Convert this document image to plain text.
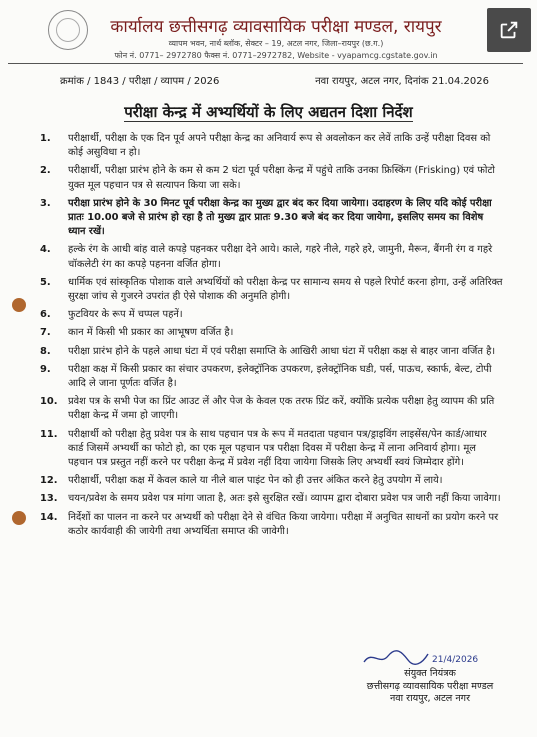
कार्यालय छत्तीसगढ़ व्यावसायिक परीक्षा मण्डल, रायपुर
व्यापम भवन, नार्थ ब्लॉक, सेक्टर – 19, अटल नगर, जिला–रायपुर (छ.ग.)
फोन नं. 0771– 2972780 फैक्स नं. 0771–2972782, Website - vyapamcg.cgstate.gov.in
क्रमांक / 1843 / परीक्षा / व्यापम / 2026	नवा रायपुर, अटल नगर, दिनांक 21.04.2026
परीक्षा केन्द्र में अभ्यर्थियों के लिए अद्यतन दिशा निर्देश
1.	परीक्षार्थी, परीक्षा के एक दिन पूर्व अपने परीक्षा केन्द्र का अनिवार्य रूप से अवलोकन कर लेवें ताकि उन्हें परीक्षा दिवस को कोई असुविधा न हो।
2.	परीक्षार्थी, परीक्षा प्रारंभ होने के कम से कम 2 घंटा पूर्व परीक्षा केन्द्र में पहुंचे ताकि उनका फ्रिस्किंग (Frisking) एवं फोटो युक्त मूल पहचान पत्र से सत्यापन किया जा सके।
3.	परीक्षा प्रारंभ होने के 30 मिनट पूर्व परीक्षा केन्द्र का मुख्य द्वार बंद कर दिया जायेगा। उदाहरण के लिए यदि कोई परीक्षा प्रातः 10.00 बजे से प्रारंभ हो रहा है तो मुख्य द्वार प्रातः 9.30 बजे बंद कर दिया जायेगा, इसलिए समय का विशेष ध्यान रखें।
4.	हल्के रंग के आधी बांह वाले कपड़े पहनकर परीक्षा देने आये। काले, गहरे नीले, गहरे हरे, जामुनी, मैरून, बैंगनी रंग व गहरे चॉकलेटी रंग का कपड़े पहनना वर्जित होगा।
5.	धार्मिक एवं सांस्कृतिक पोशाक वाले अभ्यर्थियों को परीक्षा केन्द्र पर सामान्य समय से पहले रिपोर्ट करना होगा, उन्हें अतिरिक्त सुरक्षा जांच से गुजरने उपरांत ही ऐसे पोशाक की अनुमति होगी।
6.	फुटवियर के रूप में चप्पल पहनें।
7.	कान में किसी भी प्रकार का आभूषण वर्जित है।
8.	परीक्षा प्रारंभ होने के पहले आधा घंटा में एवं परीक्षा समाप्ति के आखिरी आधा घंटा में परीक्षा कक्ष से बाहर जाना वर्जित है।
9.	परीक्षा कक्ष में किसी प्रकार का संचार उपकरण, इलेक्ट्रॉनिक उपकरण, इलेक्ट्रॉनिक घडी, पर्स, पाऊच, स्कार्फ, बेल्ट, टोपी आदि ले जाना पूर्णतः वर्जित है।
10.	प्रवेश पत्र के सभी पेज का प्रिंट आउट लें और पेज के केवल एक तरफ प्रिंट करें, क्योंकि प्रत्येक परीक्षा हेतु व्यापम की प्रति परीक्षा केन्द्र में जमा हो जाएगी।
11.	परीक्षार्थी को परीक्षा हेतु प्रवेश पत्र के साथ पहचान पत्र के रूप में मतदाता पहचान पत्र/ड्राइविंग लाइसेंस/पेन कार्ड/आधार कार्ड जिसमें अभ्यर्थी का फोटो हो, का एक मूल पहचान पत्र परीक्षा दिवस में परीक्षा केन्द्र में लाना अनिवार्य होगा। मूल पहचान पत्र प्रस्तुत नहीं करने पर परीक्षा केन्द्र में प्रवेश नहीं दिया जायेगा जिसके लिए अभ्यर्थी स्वयं जिम्मेदार होंगे।
12.	परीक्षार्थी, परीक्षा कक्ष में केवल काले या नीले बाल पाइंट पेन को ही उत्तर अंकित करने हेतु उपयोग में लाये।
13.	चयन/प्रवेश के समय प्रवेश पत्र मांगा जाता है, अतः इसे सुरक्षित रखें। व्यापम द्वारा दोबारा प्रवेश पत्र जारी नहीं किया जावेगा।
14.	निर्देशों का पालन ना करने पर अभ्यर्थी को परीक्षा देने से वंचित किया जायेगा। परीक्षा में अनुचित साधनों का प्रयोग करने पर कठोर कार्यवाही की जायेगी तथा अभ्यर्थिता समाप्त की जावेगी।
21/4/2026
संयुक्त नियंत्रक
छत्तीसगढ़ व्यावसायिक परीक्षा मण्डल
नवा रायपुर, अटल नगर
